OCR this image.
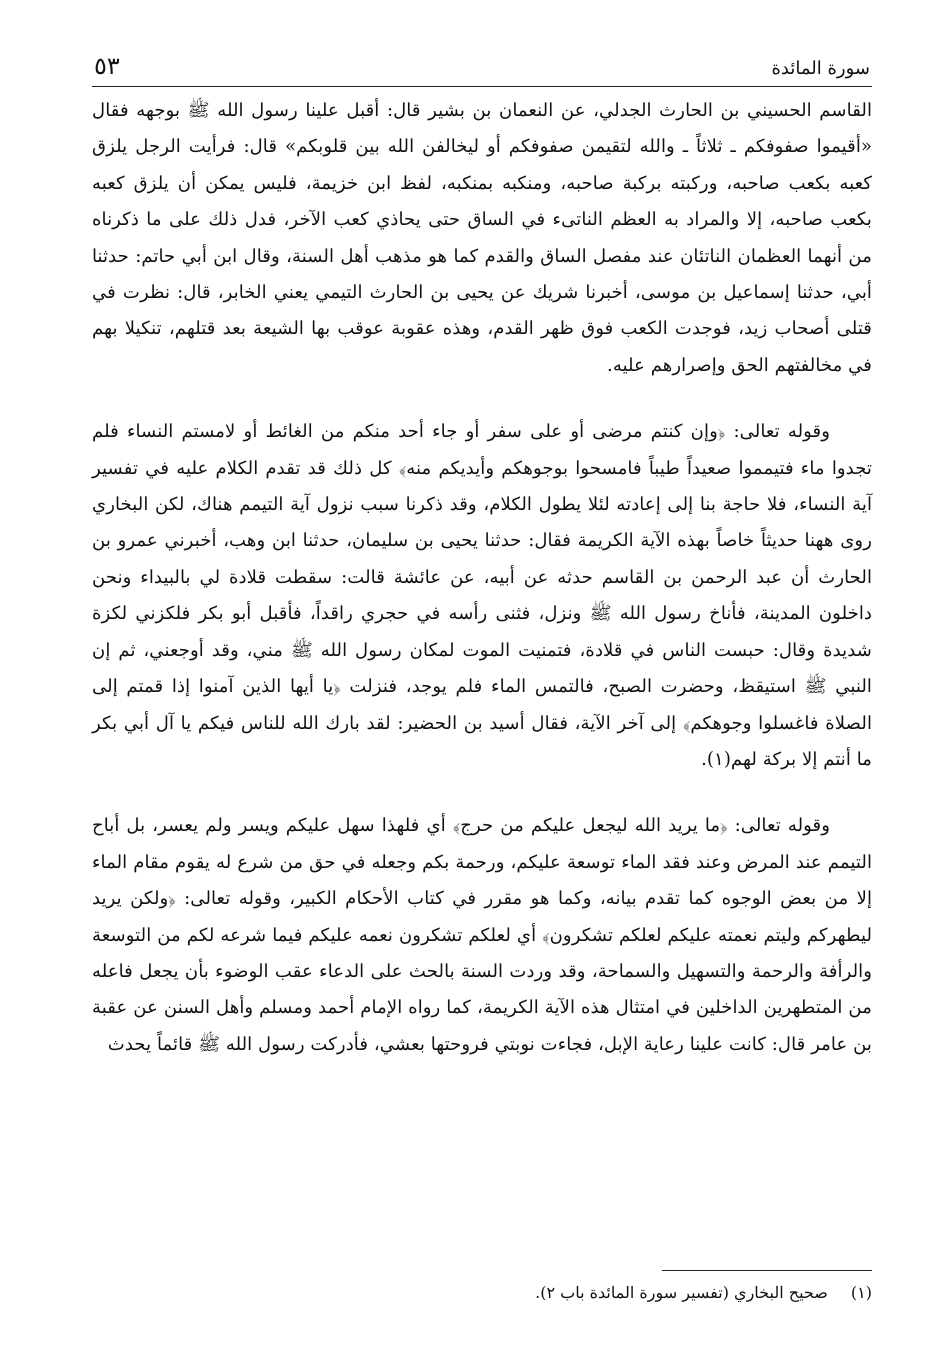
سورة المائدة
٥٣

القاسم الحسيني بن الحارث الجدلي، عن النعمان بن بشير قال: أقبل علينا رسول الله ﷺ بوجهه فقال «أقيموا صفوفكم ـ ثلاثاً ـ والله لتقيمن صفوفكم أو ليخالفن الله بين قلوبكم» قال: فرأيت الرجل يلزق كعبه بكعب صاحبه، وركبته بركبة صاحبه، ومنكبه بمنكبه، لفظ ابن خزيمة، فليس يمكن أن يلزق كعبه بكعب صاحبه، إلا والمراد به العظم الناتىء في الساق حتى يحاذي كعب الآخر، فدل ذلك على ما ذكرناه من أنهما العظمان الناتئان عند مفصل الساق والقدم كما هو مذهب أهل السنة، وقال ابن أبي حاتم: حدثنا أبي، حدثنا إسماعيل بن موسى، أخبرنا شريك عن يحيى بن الحارث التيمي يعني الخابر، قال: نظرت في قتلى أصحاب زيد، فوجدت الكعب فوق ظهر القدم، وهذه عقوبة عوقب بها الشيعة بعد قتلهم، تنكيلا بهم في مخالفتهم الحق وإصرارهم عليه.

وقوله تعالى: ﴿وإن كنتم مرضى أو على سفر أو جاء أحد منكم من الغائط أو لامستم النساء فلم تجدوا ماء فتيمموا صعيداً طيباً فامسحوا بوجوهكم وأيديكم منه﴾ كل ذلك قد تقدم الكلام عليه في تفسير آية النساء، فلا حاجة بنا إلى إعادته لئلا يطول الكلام، وقد ذكرنا سبب نزول آية التيمم هناك، لكن البخاري روى ههنا حديثاً خاصاً بهذه الآية الكريمة فقال: حدثنا يحيى بن سليمان، حدثنا ابن وهب، أخبرني عمرو بن الحارث أن عبد الرحمن بن القاسم حدثه عن أبيه، عن عائشة قالت: سقطت قلادة لي بالبيداء ونحن داخلون المدينة، فأناخ رسول الله ﷺ ونزل، فثنى رأسه في حجري راقداً، فأقبل أبو بكر فلكزني لكزة شديدة وقال: حبست الناس في قلادة، فتمنيت الموت لمكان رسول الله ﷺ مني، وقد أوجعني، ثم إن النبي ﷺ استيقظ، وحضرت الصبح، فالتمس الماء فلم يوجد، فنزلت ﴿يا أيها الذين آمنوا إذا قمتم إلى الصلاة فاغسلوا وجوهكم﴾ إلى آخر الآية، فقال أسيد بن الحضير: لقد بارك الله للناس فيكم يا آل أبي بكر ما أنتم إلا بركة لهم(١).

وقوله تعالى: ﴿ما يريد الله ليجعل عليكم من حرج﴾ أي فلهذا سهل عليكم ويسر ولم يعسر، بل أباح التيمم عند المرض وعند فقد الماء توسعة عليكم، ورحمة بكم وجعله في حق من شرع له يقوم مقام الماء إلا من بعض الوجوه كما تقدم بيانه، وكما هو مقرر في كتاب الأحكام الكبير، وقوله تعالى: ﴿ولكن يريد ليطهركم وليتم نعمته عليكم لعلكم تشكرون﴾ أي لعلكم تشكرون نعمه عليكم فيما شرعه لكم من التوسعة والرأفة والرحمة والتسهيل والسماحة، وقد وردت السنة بالحث على الدعاء عقب الوضوء بأن يجعل فاعله من المتطهرين الداخلين في امتثال هذه الآية الكريمة، كما رواه الإمام أحمد ومسلم وأهل السنن عن عقبة بن عامر قال: كانت علينا رعاية الإبل، فجاءت نوبتي فروحتها بعشي، فأدركت رسول الله ﷺ قائماً يحدث

(١) صحيح البخاري (تفسير سورة المائدة باب ٢).
